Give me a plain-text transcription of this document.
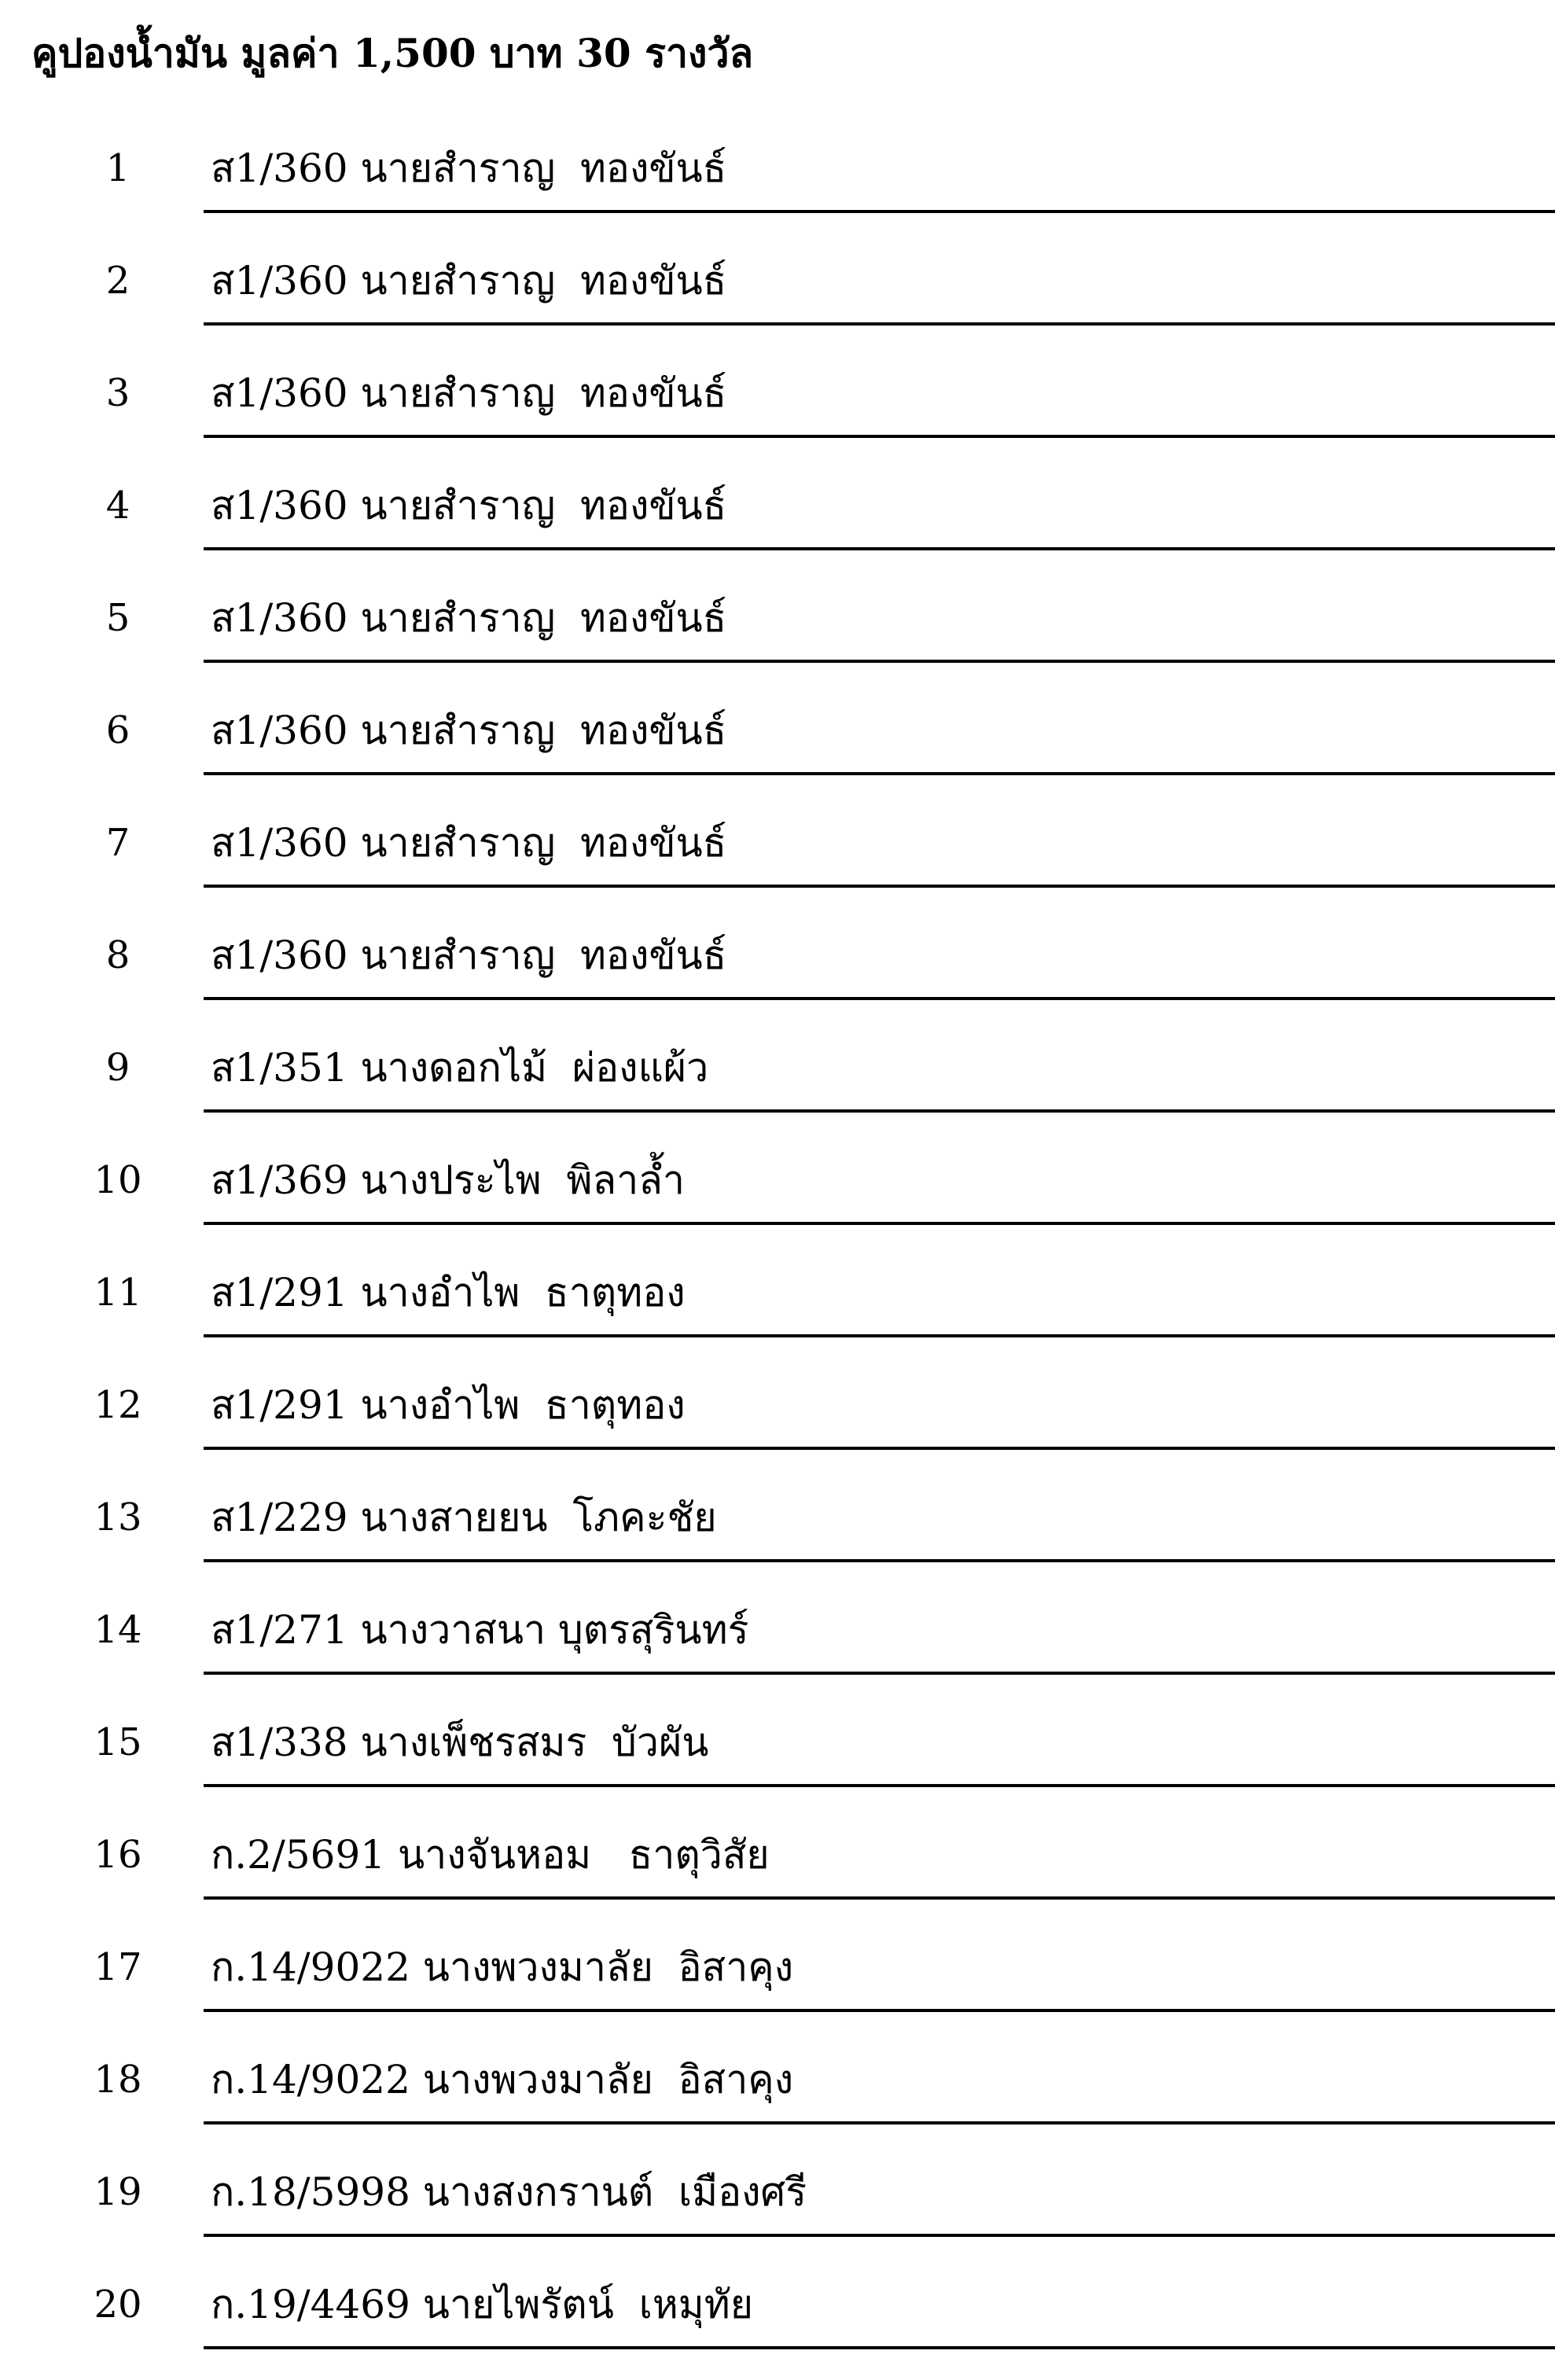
คูปองน้ำมัน มูลค่า 1,500 บาท 30 รางวัล
1	ส1/360 นายสำราญ  ทองขันธ์
2	ส1/360 นายสำราญ  ทองขันธ์
3	ส1/360 นายสำราญ  ทองขันธ์
4	ส1/360 นายสำราญ  ทองขันธ์
5	ส1/360 นายสำราญ  ทองขันธ์
6	ส1/360 นายสำราญ  ทองขันธ์
7	ส1/360 นายสำราญ  ทองขันธ์
8	ส1/360 นายสำราญ  ทองขันธ์
9	ส1/351 นางดอกไม้  ผ่องแผ้ว
10	ส1/369 นางประไพ  พิลาล้ำ
11	ส1/291 นางอำไพ  ธาตุทอง
12	ส1/291 นางอำไพ  ธาตุทอง
13	ส1/229 นางสายยน  โภคะชัย
14	ส1/271 นางวาสนา บุตรสุรินทร์
15	ส1/338 นางเพ็ชรสมร  บัวผัน
16	ก.2/5691 นางจันหอม   ธาตุวิสัย
17	ก.14/9022 นางพวงมาลัย  อิสาคุง
18	ก.14/9022 นางพวงมาลัย  อิสาคุง
19	ก.18/5998 นางสงกรานต์  เมืองศรี
20	ก.19/4469 นายไพรัตน์  เหมุทัย
